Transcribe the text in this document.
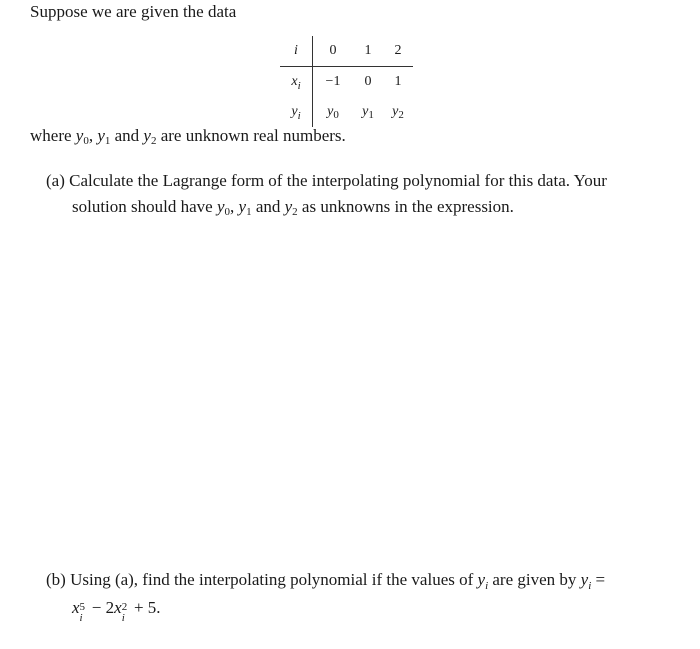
Suppose we are given the data
i	0	1	2
$x_i$	−1	0	1
$y_i$	$y_0$	$y_1$	$y_2$
where y0, y1 and y2 are unknown real numbers.
(a) Calculate the Lagrange form of the interpolating polynomial for this data. Your
solution should have y0, y1 and y2 as unknowns in the expression.
(b) Using (a), find the interpolating polynomial if the values of $y_i$ are given by $y_i$ =
x 5
i
− 2x 2
i
+ 5.
